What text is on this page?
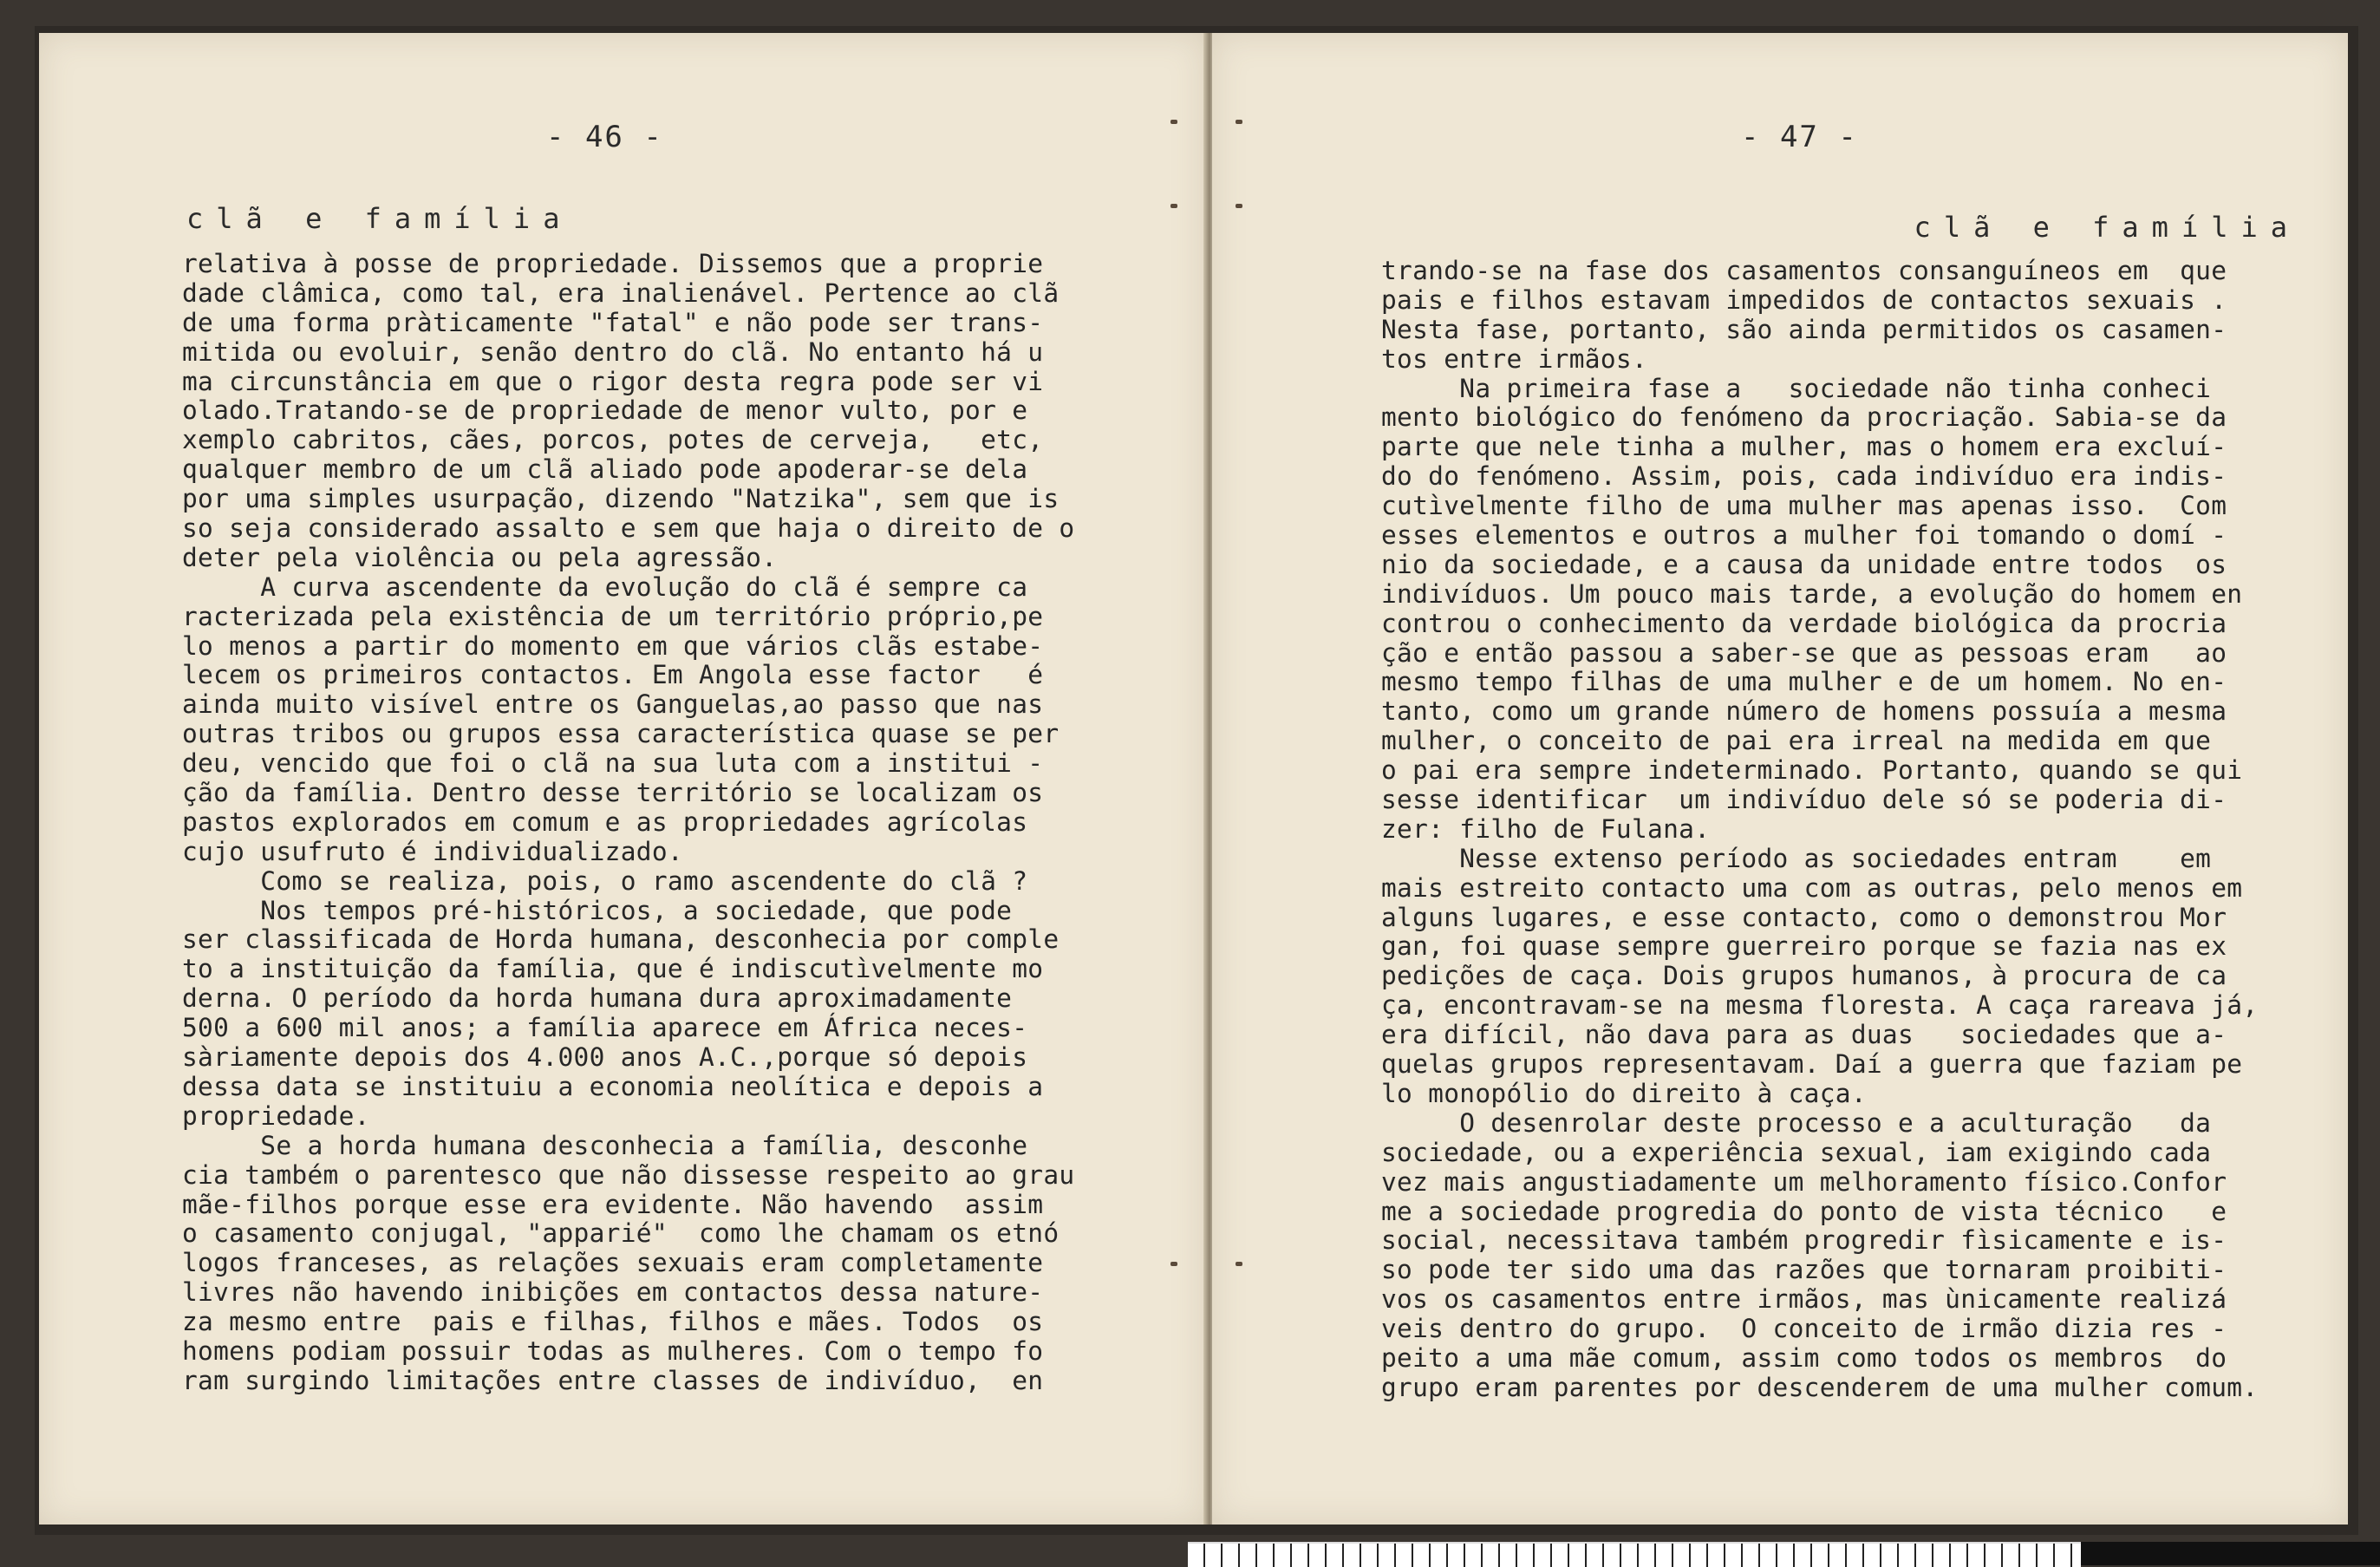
- 46 -
clã e família
relativa à posse de propriedade. Dissemos que a proprie
dade clâmica, como tal, era inalienável. Pertence ao clã
de uma forma pràticamente "fatal" e não pode ser trans-
mitida ou evoluir, senão dentro do clã. No entanto há u
ma circunstância em que o rigor desta regra pode ser vi
olado.Tratando-se de propriedade de menor vulto, por e
xemplo cabritos, cães, porcos, potes de cerveja,   etc,
qualquer membro de um clã aliado pode apoderar-se dela
por uma simples usurpação, dizendo "Natzika", sem que is
so seja considerado assalto e sem que haja o direito de o
deter pela violência ou pela agressão.
A curva ascendente da evolução do clã é sempre ca
racterizada pela existência de um território próprio,pe
lo menos a partir do momento em que vários clãs estabe-
lecem os primeiros contactos. Em Angola esse factor   é
ainda muito visível entre os Ganguelas,ao passo que nas
outras tribos ou grupos essa característica quase se per
deu, vencido que foi o clã na sua luta com a institui -
ção da família. Dentro desse território se localizam os
pastos explorados em comum e as propriedades agrícolas
cujo usufruto é individualizado.
Como se realiza, pois, o ramo ascendente do clã ?
Nos tempos pré-históricos, a sociedade, que pode
ser classificada de Horda humana, desconhecia por comple
to a instituição da família, que é indiscutìvelmente mo
derna. O período da horda humana dura aproximadamente
500 a 600 mil anos; a família aparece em África neces-
sàriamente depois dos 4.000 anos A.C.,porque só depois
dessa data se instituiu a economia neolítica e depois a
propriedade.
Se a horda humana desconhecia a família, desconhe
cia também o parentesco que não dissesse respeito ao grau
mãe-filhos porque esse era evidente. Não havendo  assim
o casamento conjugal, "apparié"  como lhe chamam os etnó
logos franceses, as relações sexuais eram completamente
livres não havendo inibições em contactos dessa nature-
za mesmo entre  pais e filhas, filhos e mães. Todos  os
homens podiam possuir todas as mulheres. Com o tempo fo
ram surgindo limitações entre classes de indivíduo,  en
- 47 -
clã e família
trando-se na fase dos casamentos consanguíneos em  que
pais e filhos estavam impedidos de contactos sexuais .
Nesta fase, portanto, são ainda permitidos os casamen-
tos entre irmãos.
Na primeira fase a   sociedade não tinha conheci
mento biológico do fenómeno da procriação. Sabia-se da
parte que nele tinha a mulher, mas o homem era excluí-
do do fenómeno. Assim, pois, cada indivíduo era indis-
cutìvelmente filho de uma mulher mas apenas isso.  Com
esses elementos e outros a mulher foi tomando o domí -
nio da sociedade, e a causa da unidade entre todos  os
indivíduos. Um pouco mais tarde, a evolução do homem en
controu o conhecimento da verdade biológica da procria
ção e então passou a saber-se que as pessoas eram   ao
mesmo tempo filhas de uma mulher e de um homem. No en-
tanto, como um grande número de homens possuía a mesma
mulher, o conceito de pai era irreal na medida em que
o pai era sempre indeterminado. Portanto, quando se qui
sesse identificar  um indivíduo dele só se poderia di-
zer: filho de Fulana.
Nesse extenso período as sociedades entram    em
mais estreito contacto uma com as outras, pelo menos em
alguns lugares, e esse contacto, como o demonstrou Mor
gan, foi quase sempre guerreiro porque se fazia nas ex
pedições de caça. Dois grupos humanos, à procura de ca
ça, encontravam-se na mesma floresta. A caça rareava já,
era difícil, não dava para as duas   sociedades que a-
quelas grupos representavam. Daí a guerra que faziam pe
lo monopólio do direito à caça.
O desenrolar deste processo e a aculturação   da
sociedade, ou a experiência sexual, iam exigindo cada
vez mais angustiadamente um melhoramento físico.Confor
me a sociedade progredia do ponto de vista técnico   e
social, necessitava também progredir fìsicamente e is-
so pode ter sido uma das razões que tornaram proibiti-
vos os casamentos entre irmãos, mas ùnicamente realizá
veis dentro do grupo.  O conceito de irmão dizia res -
peito a uma mãe comum, assim como todos os membros  do
grupo eram parentes por descenderem de uma mulher comum.
